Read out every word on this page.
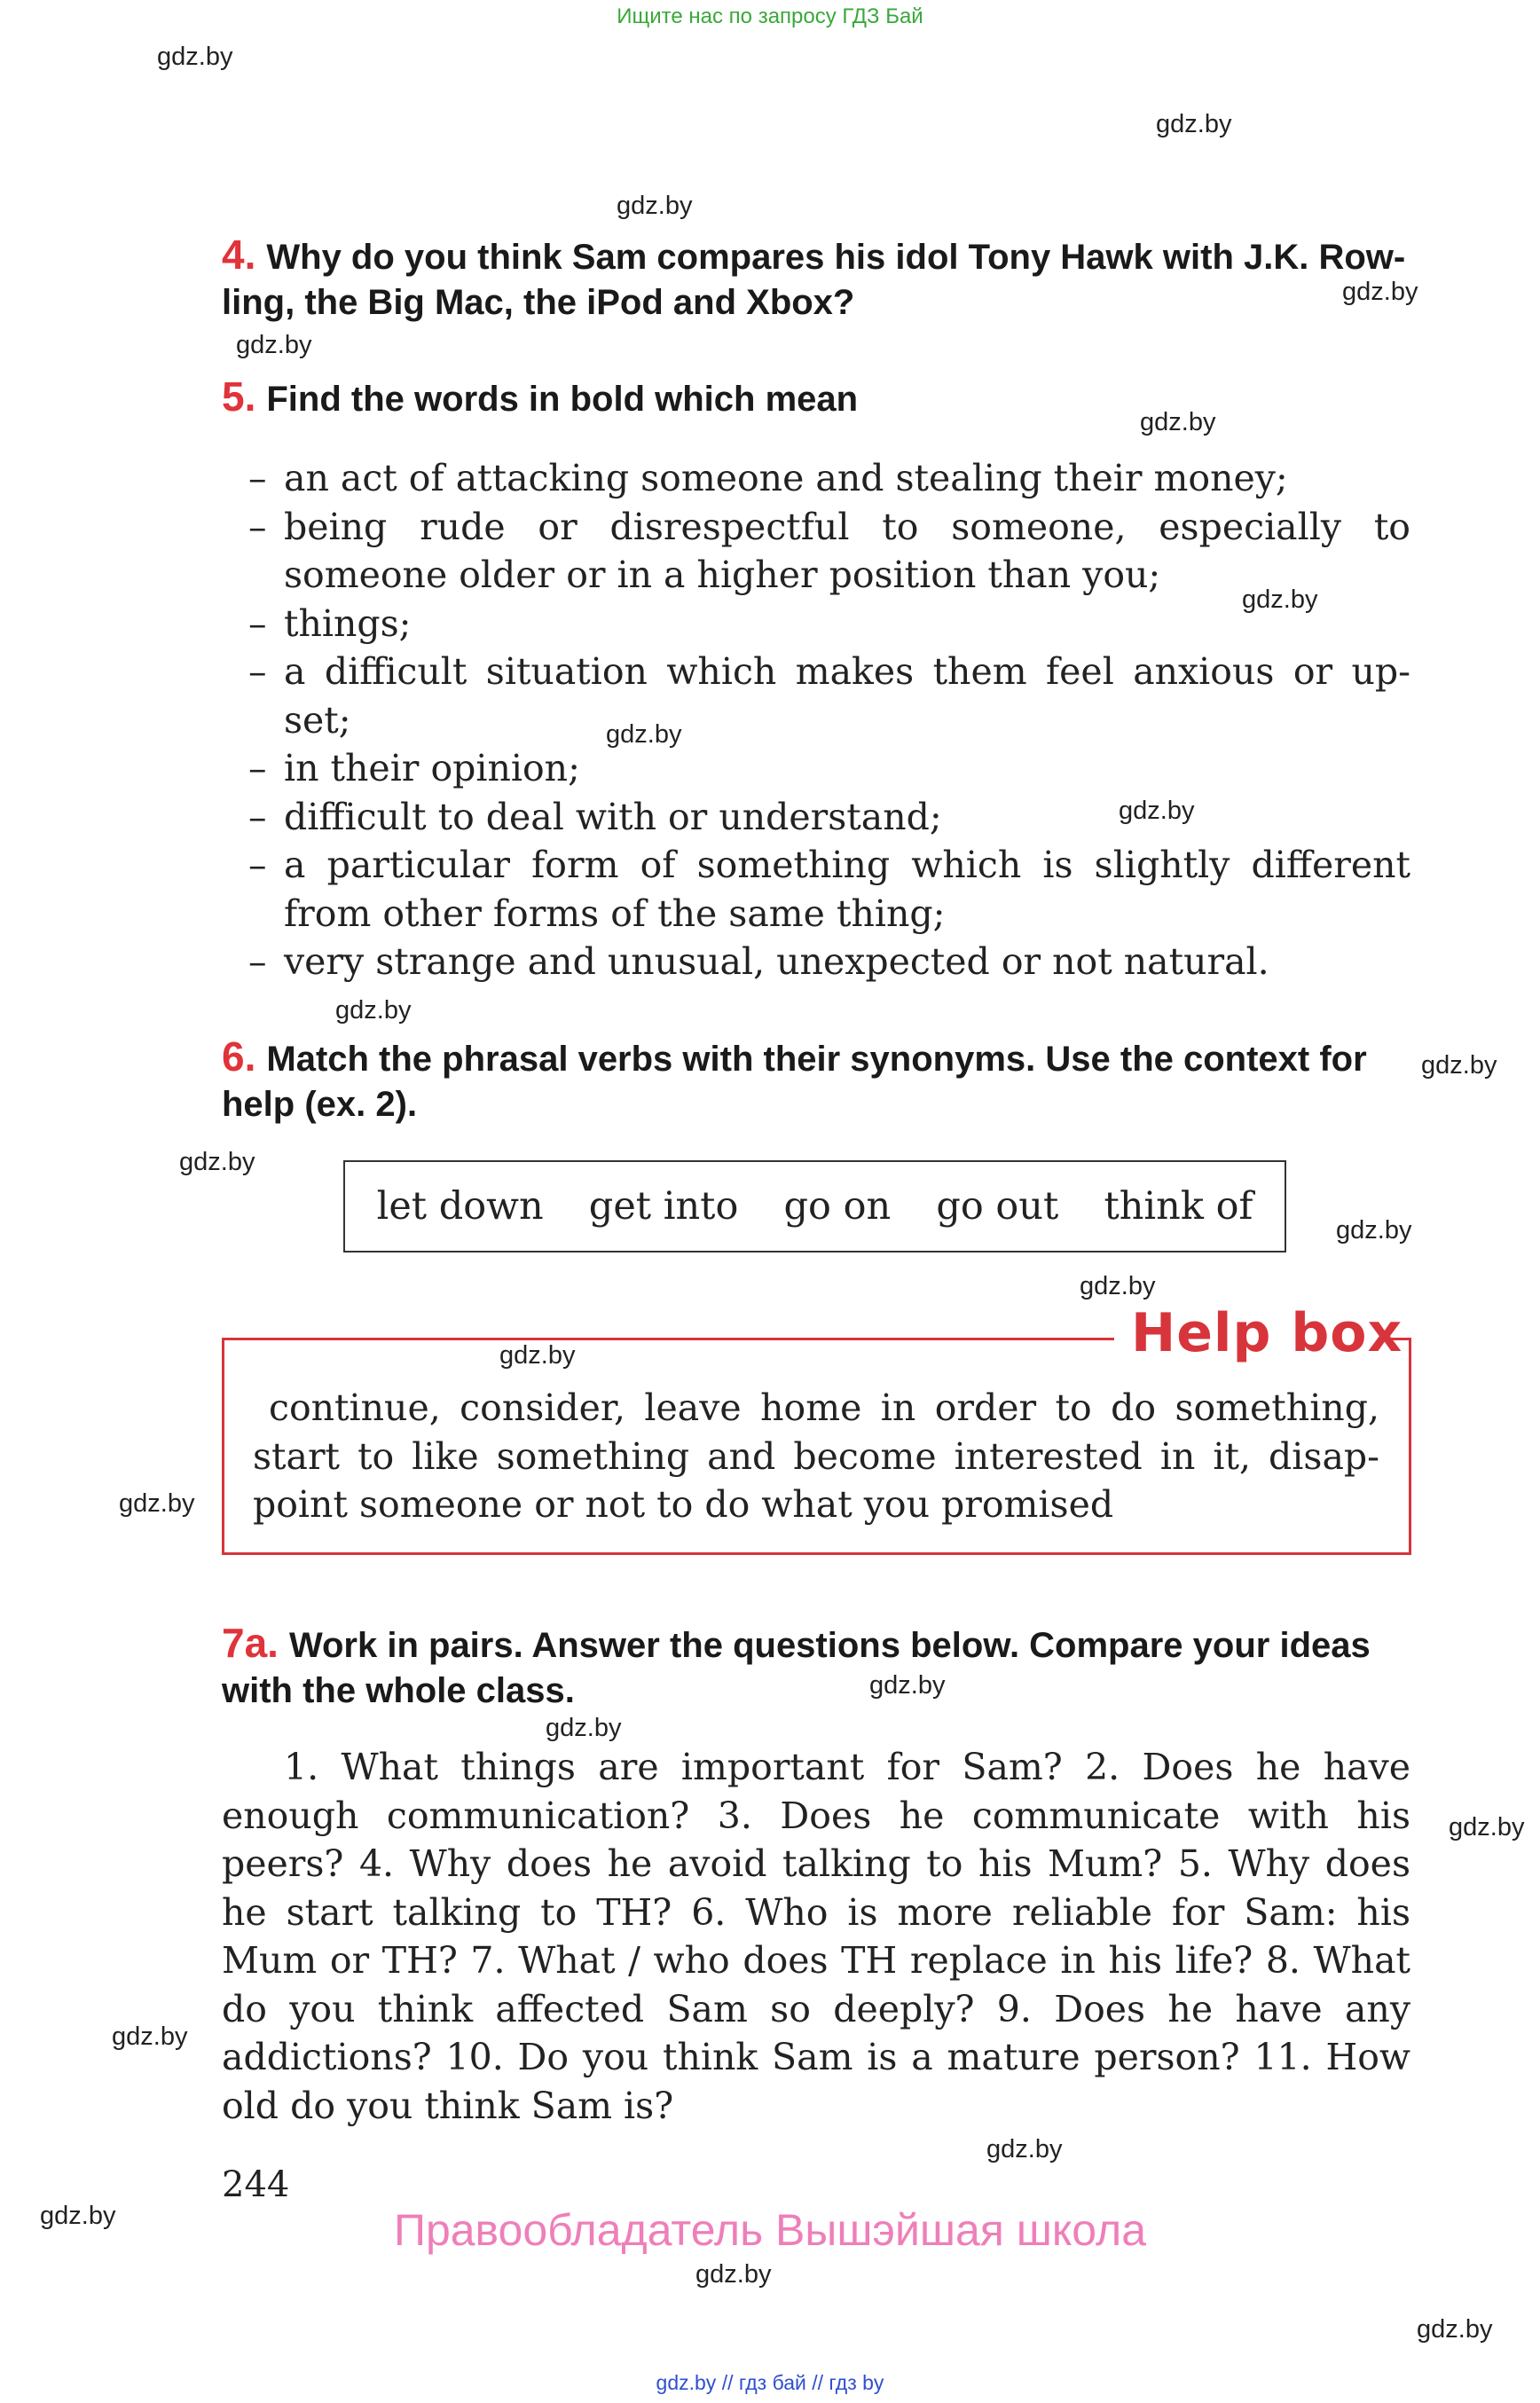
Ищите нас по запросу ГДЗ Бай
gdz.by
gdz.by
gdz.by
gdz.by
gdz.by
gdz.by
gdz.by
gdz.by
gdz.by
gdz.by
gdz.by
gdz.by
gdz.by
gdz.by
gdz.by
gdz.by
gdz.by
gdz.by
gdz.by
gdz.by
gdz.by
gdz.by
gdz.by
gdz.by
4. Why do you think Sam compares his idol Tony Hawk with J.K. Row-ling, the Big Mac, the iPod and Xbox?
5. Find the words in bold which mean
– an act of attacking someone and stealing their money;
– being rude or disrespectful to someone, especially to someone older or in a higher position than you;
– things;
– a difficult situation which makes them feel anxious or up-set;
– in their opinion;
– difficult to deal with or understand;
– a particular form of something which is slightly different from other forms of the same thing;
– very strange and unusual, unexpected or not natural.
6. Match the phrasal verbs with their synonyms. Use the context for help (ex. 2).
let down get into go on go out think of
Help box
continue, consider, leave home in order to do something, start to like something and become interested in it, disap-point someone or not to do what you promised
7a. Work in pairs. Answer the questions below. Compare your ideas with the whole class.
1. What things are important for Sam? 2. Does he have enough communication? 3. Does he communicate with his peers? 4. Why does he avoid talking to his Mum? 5. Why does he start talking to TH? 6. Who is more reliable for Sam: his Mum or TH? 7. What / who does TH replace in his life? 8. What do you think affected Sam so deeply? 9. Does he have any addictions? 10. Do you think Sam is a mature person? 11. How old do you think Sam is?
244
Правообладатель Вышэйшая школа
gdz.by // гдз бай // гдз by
